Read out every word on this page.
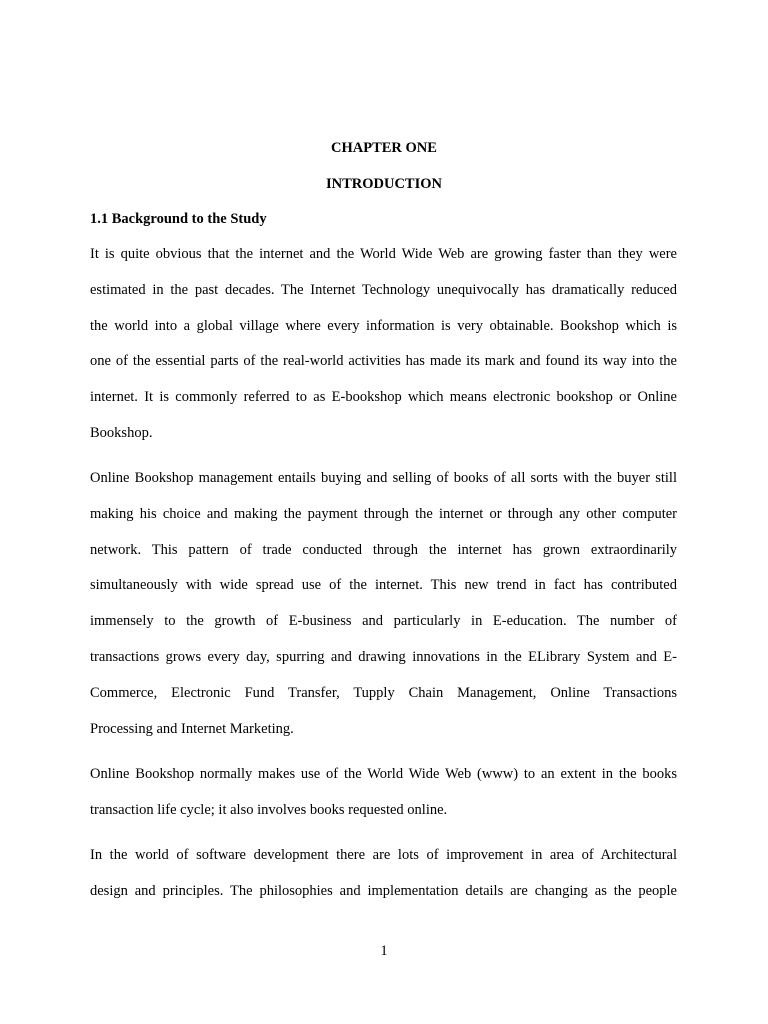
CHAPTER ONE
INTRODUCTION
1.1 Background to the Study
It is quite obvious that the internet and the World Wide Web are growing faster than they were
estimated in the past decades. The Internet Technology unequivocally has dramatically reduced
the world into a global village where every information is very obtainable. Bookshop which is
one of the essential parts of the real-world activities has made its mark and found its way into the
internet. It is commonly referred to as E-bookshop which means electronic bookshop or Online
Bookshop.
Online Bookshop management entails buying and selling of books of all sorts with the buyer still
making his choice and making the payment through the internet or through any other computer
network. This pattern of trade conducted through the internet has grown extraordinarily
simultaneously with wide spread use of the internet. This new trend in fact has contributed
immensely to the growth of E-business and particularly in E-education. The number of
transactions grows every day, spurring and drawing innovations in the ELibrary System and E-
Commerce, Electronic Fund Transfer, Tupply Chain Management, Online Transactions
Processing and Internet Marketing.
Online Bookshop normally makes use of the World Wide Web (www) to an extent in the books
transaction life cycle; it also involves books requested online.
In the world of software development there are lots of improvement in area of Architectural
design and principles. The philosophies and implementation details are changing as the people
1
